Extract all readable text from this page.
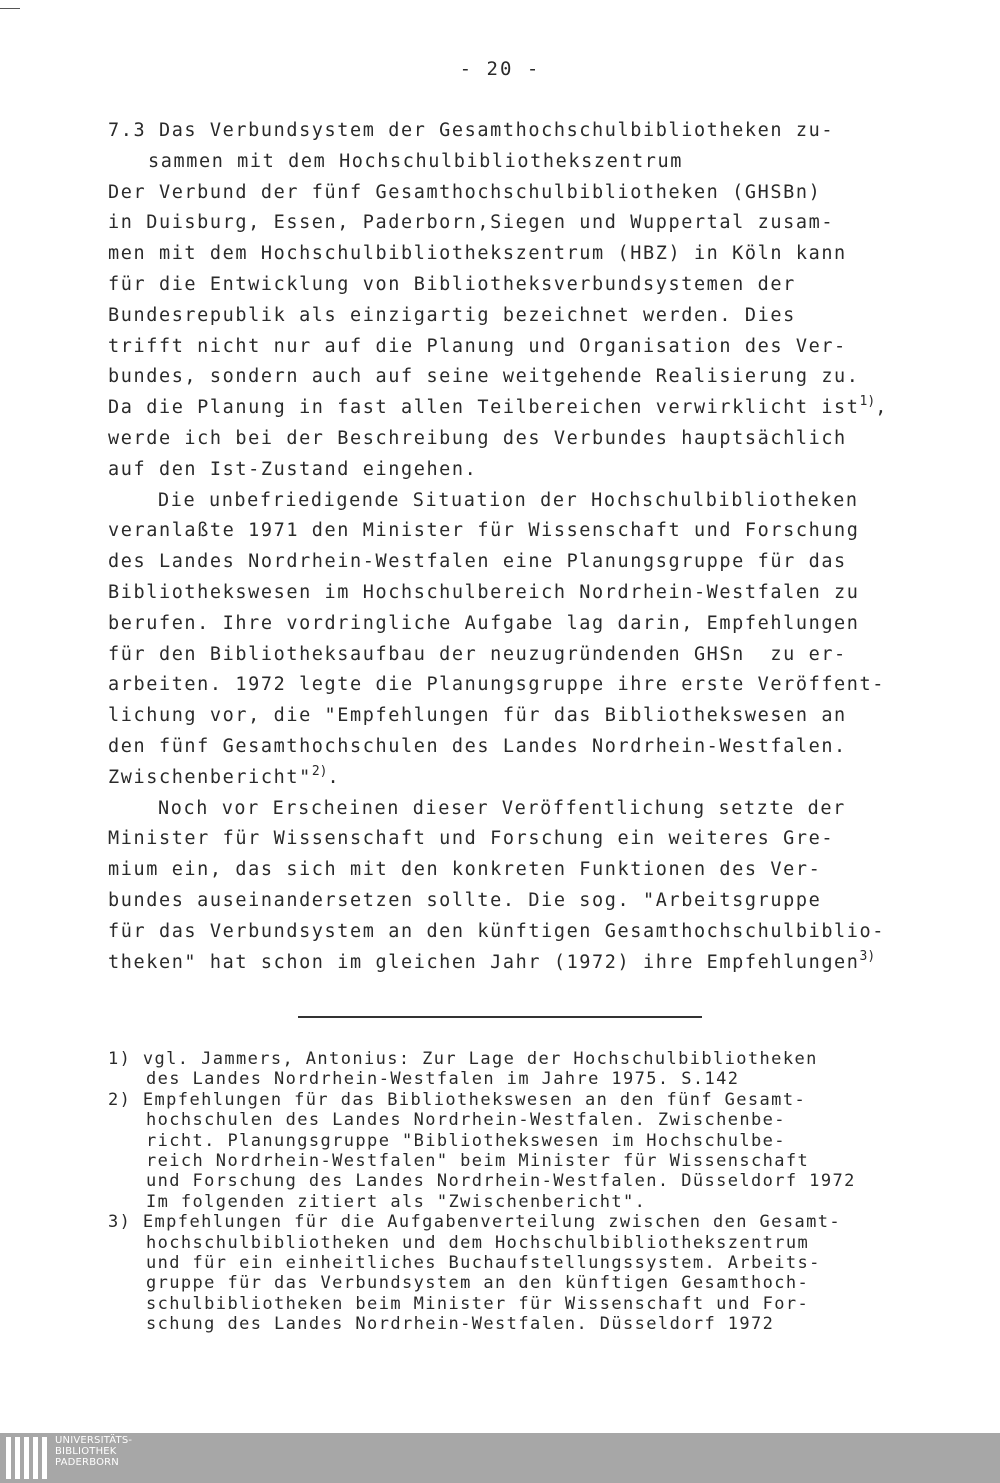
- 20 -
7.3 Das Verbundsystem der Gesamthochschulbibliotheken zu-
sammen mit dem Hochschulbibliothekszentrum
Der Verbund der fünf Gesamthochschulbibliotheken (GHSBn)
in Duisburg, Essen, Paderborn,Siegen und Wuppertal zusam-
men mit dem Hochschulbibliothekszentrum (HBZ) in Köln kann
für die Entwicklung von Bibliotheksverbundsystemen der
Bundesrepublik als einzigartig bezeichnet werden. Dies
trifft nicht nur auf die Planung und Organisation des Ver-
bundes, sondern auch auf seine weitgehende Realisierung zu.
Da die Planung in fast allen Teilbereichen verwirklicht ist$^{1)}$,
werde ich bei der Beschreibung des Verbundes hauptsächlich
auf den Ist-Zustand eingehen.
Die unbefriedigende Situation der Hochschulbibliotheken
veranlaßte 1971 den Minister für Wissenschaft und Forschung
des Landes Nordrhein-Westfalen eine Planungsgruppe für das
Bibliothekswesen im Hochschulbereich Nordrhein-Westfalen zu
berufen. Ihre vordringliche Aufgabe lag darin, Empfehlungen
für den Bibliotheksaufbau der neuzugründenden GHSn  zu er-
arbeiten. 1972 legte die Planungsgruppe ihre erste Veröffent-
lichung vor, die "Empfehlungen für das Bibliothekswesen an
den fünf Gesamthochschulen des Landes Nordrhein-Westfalen.
Zwischenbericht"$^{2)}$.
Noch vor Erscheinen dieser Veröffentlichung setzte der
Minister für Wissenschaft und Forschung ein weiteres Gre-
mium ein, das sich mit den konkreten Funktionen des Ver-
bundes auseinandersetzen sollte. Die sog. "Arbeitsgruppe
für das Verbundsystem an den künftigen Gesamthochschulbiblio-
theken" hat schon im gleichen Jahr (1972) ihre Empfehlungen$^{3)}$
1) vgl. Jammers, Antonius: Zur Lage der Hochschulbibliotheken
des Landes Nordrhein-Westfalen im Jahre 1975. S.142
2) Empfehlungen für das Bibliothekswesen an den fünf Gesamt-
hochschulen des Landes Nordrhein-Westfalen. Zwischenbe-
richt. Planungsgruppe "Bibliothekswesen im Hochschulbe-
reich Nordrhein-Westfalen" beim Minister für Wissenschaft
und Forschung des Landes Nordrhein-Westfalen. Düsseldorf 1972
Im folgenden zitiert als "Zwischenbericht".
3) Empfehlungen für die Aufgabenverteilung zwischen den Gesamt-
hochschulbibliotheken und dem Hochschulbibliothekszentrum
und für ein einheitliches Buchaufstellungssystem. Arbeits-
gruppe für das Verbundsystem an den künftigen Gesamthoch-
schulbibliotheken beim Minister für Wissenschaft und For-
schung des Landes Nordrhein-Westfalen. Düsseldorf 1972
UNIVERSITÄTS-
BIBLIOTHEK
PADERBORN
